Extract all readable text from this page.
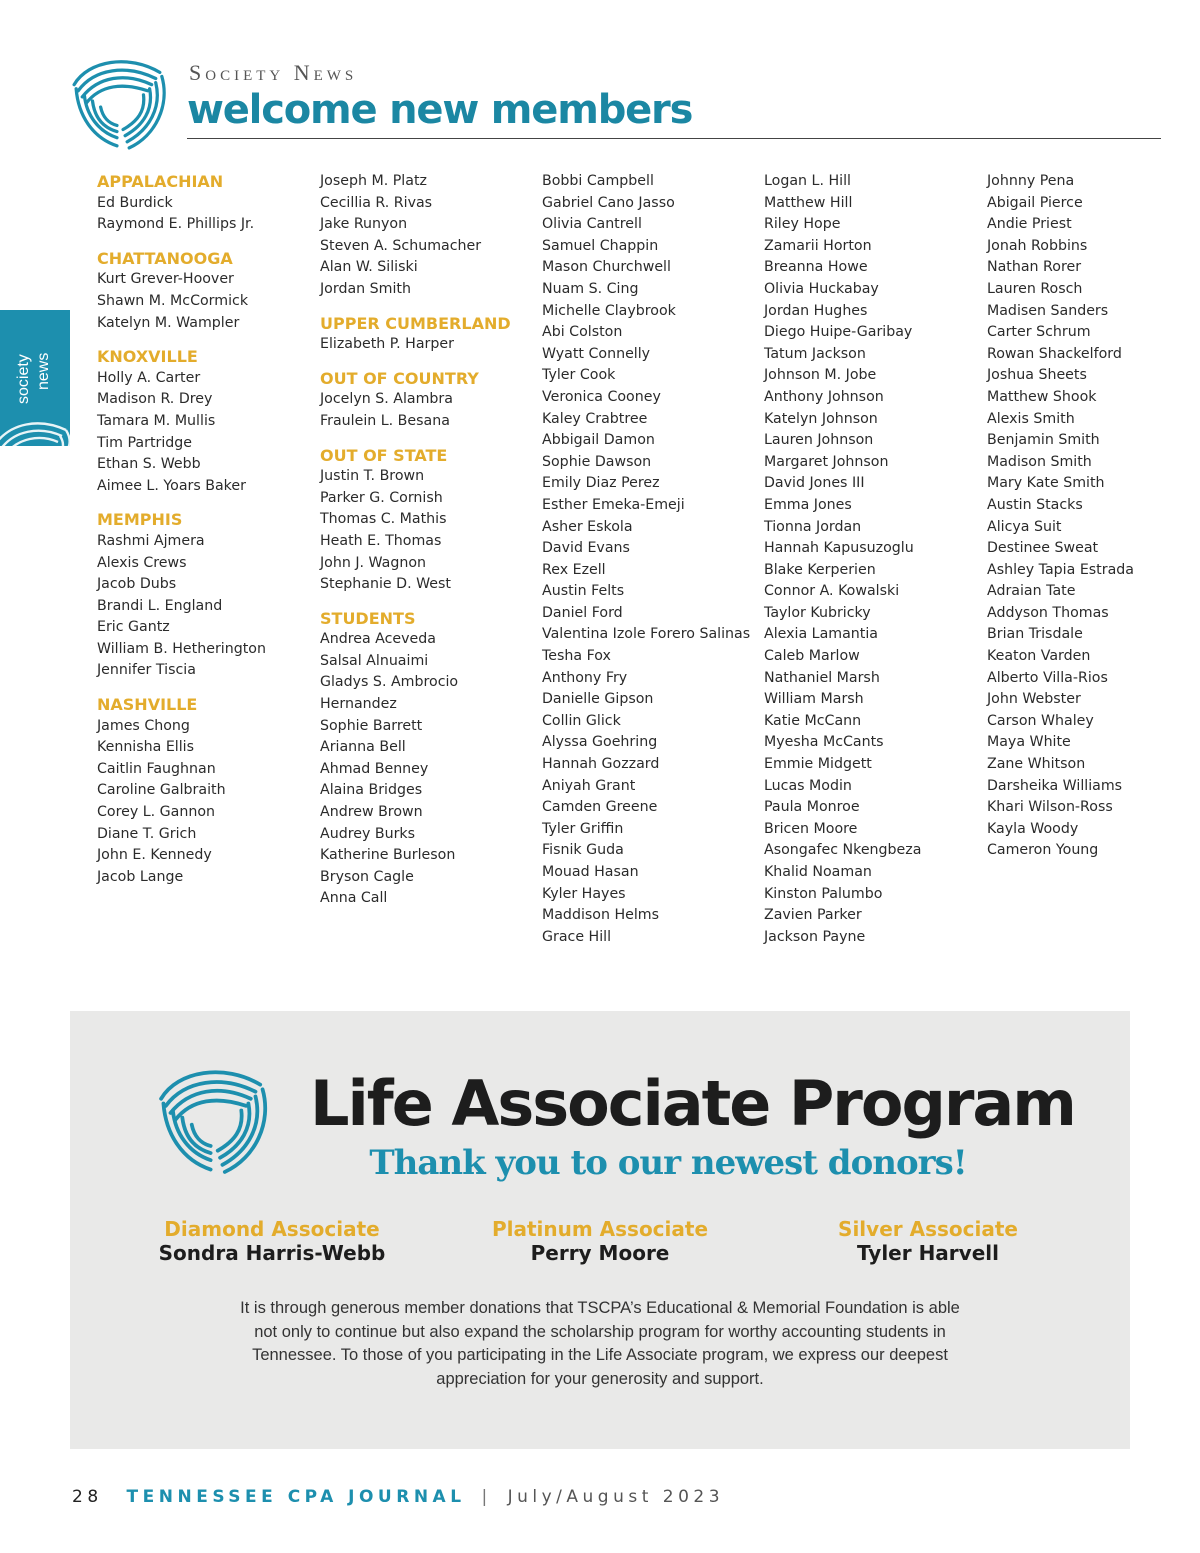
Society News
welcome new members
society news
APPALACHIAN
Ed Burdick
Raymond E. Phillips Jr.
CHATTANOOGA
Kurt Grever-Hoover
Shawn M. McCormick
Katelyn M. Wampler
KNOXVILLE
Holly A. Carter
Madison R. Drey
Tamara M. Mullis
Tim Partridge
Ethan S. Webb
Aimee L. Yoars Baker
MEMPHIS
Rashmi Ajmera
Alexis Crews
Jacob Dubs
Brandi L. England
Eric Gantz
William B. Hetherington
Jennifer Tiscia
NASHVILLE
James Chong
Kennisha Ellis
Caitlin Faughnan
Caroline Galbraith
Corey L. Gannon
Diane T. Grich
John E. Kennedy
Jacob Lange
Joseph M. Platz
Cecillia R. Rivas
Jake Runyon
Steven A. Schumacher
Alan W. Siliski
Jordan Smith
UPPER CUMBERLAND
Elizabeth P. Harper
OUT OF COUNTRY
Jocelyn S. Alambra
Fraulein L. Besana
OUT OF STATE
Justin T. Brown
Parker G. Cornish
Thomas C. Mathis
Heath E. Thomas
John J. Wagnon
Stephanie D. West
STUDENTS
Andrea Aceveda
Salsal Alnuaimi
Gladys S. Ambrocio
Hernandez
Sophie Barrett
Arianna Bell
Ahmad Benney
Alaina Bridges
Andrew Brown
Audrey Burks
Katherine Burleson
Bryson Cagle
Anna Call
Bobbi Campbell
Gabriel Cano Jasso
Olivia Cantrell
Samuel Chappin
Mason Churchwell
Nuam S. Cing
Michelle Claybrook
Abi Colston
Wyatt Connelly
Tyler Cook
Veronica Cooney
Kaley Crabtree
Abbigail Damon
Sophie Dawson
Emily Diaz Perez
Esther Emeka-Emeji
Asher Eskola
David Evans
Rex Ezell
Austin Felts
Daniel Ford
Valentina Izole Forero Salinas
Tesha Fox
Anthony Fry
Danielle Gipson
Collin Glick
Alyssa Goehring
Hannah Gozzard
Aniyah Grant
Camden Greene
Tyler Griffin
Fisnik Guda
Mouad Hasan
Kyler Hayes
Maddison Helms
Grace Hill
Logan L. Hill
Matthew Hill
Riley Hope
Zamarii Horton
Breanna Howe
Olivia Huckabay
Jordan Hughes
Diego Huipe-Garibay
Tatum Jackson
Johnson M. Jobe
Anthony Johnson
Katelyn Johnson
Lauren Johnson
Margaret Johnson
David Jones III
Emma Jones
Tionna Jordan
Hannah Kapusuzoglu
Blake Kerperien
Connor A. Kowalski
Taylor Kubricky
Alexia Lamantia
Caleb Marlow
Nathaniel Marsh
William Marsh
Katie McCann
Myesha McCants
Emmie Midgett
Lucas Modin
Paula Monroe
Bricen Moore
Asongafec Nkengbeza
Khalid Noaman
Kinston Palumbo
Zavien Parker
Jackson Payne
Johnny Pena
Abigail Pierce
Andie Priest
Jonah Robbins
Nathan Rorer
Lauren Rosch
Madisen Sanders
Carter Schrum
Rowan Shackelford
Joshua Sheets
Matthew Shook
Alexis Smith
Benjamin Smith
Madison Smith
Mary Kate Smith
Austin Stacks
Alicya Suit
Destinee Sweat
Ashley Tapia Estrada
Adraian Tate
Addyson Thomas
Brian Trisdale
Keaton Varden
Alberto Villa-Rios
John Webster
Carson Whaley
Maya White
Zane Whitson
Darsheika Williams
Khari Wilson-Ross
Kayla Woody
Cameron Young
Life Associate Program
Thank you to our newest donors!
Diamond Associate
Sondra Harris-Webb
Platinum Associate
Perry Moore
Silver Associate
Tyler Harvell

It is through generous member donations that TSCPA’s Educational & Memorial Foundation is able not only to continue but also expand the scholarship program for worthy accounting students in Tennessee. To those of you participating in the Life Associate program, we express our deepest appreciation for your generosity and support.

28 TENNESSEE CPA JOURNAL | July/August 2023
